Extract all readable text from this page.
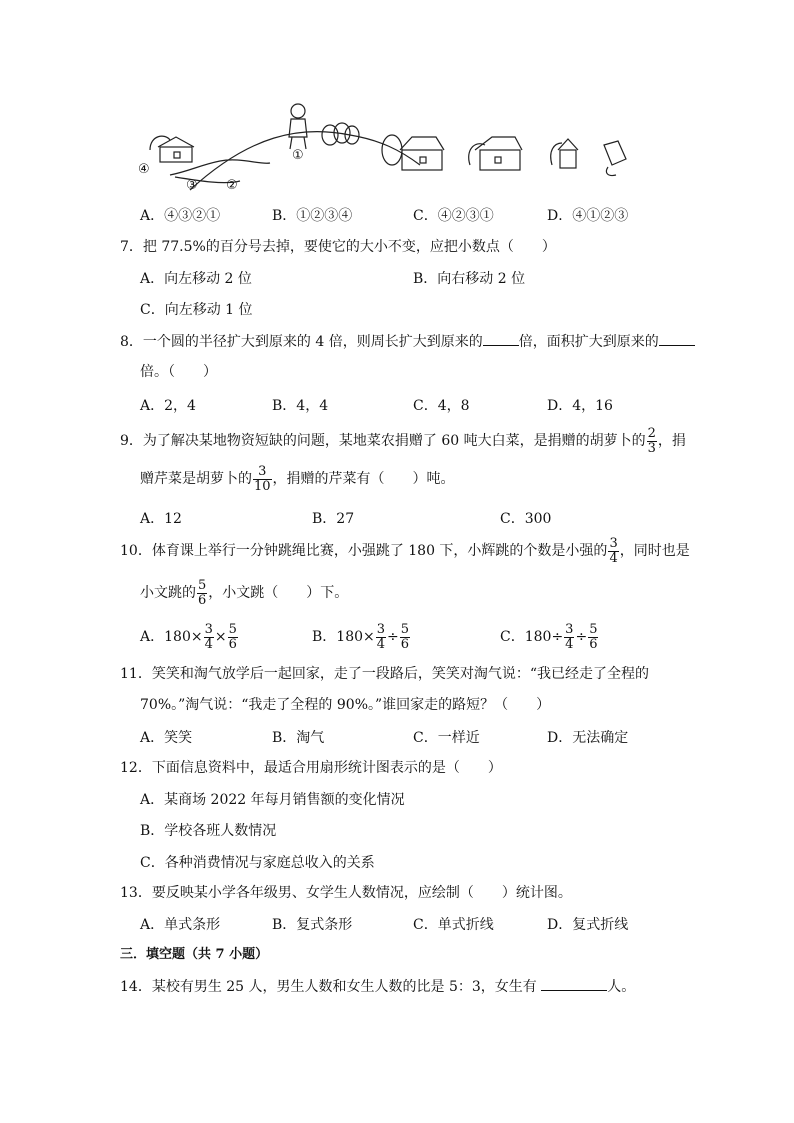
④
③ ②
①
A．④③②①	B．①②③④	C．④②③①	D．④①②③
7．把 77.5%的百分号去掉，要使它的大小不变，应把小数点（　　）
A．向左移动 2 位	B．向右移动 2 位
C．向左移动 1 位
8．一个圆的半径扩大到原来的 4 倍，则周长扩大到原来的	倍，面积扩大到原来的
倍。（　　）
A．2，4	B．4，4	C．4，8	D．4，16
9．为了解决某地物资短缺的问题，某地菜农捐赠了 60 吨大白菜，是捐赠的胡萝卜的 $\frac{2}{3}$ ，捐
赠芹菜是胡萝卜的 $\frac{3}{10}$ ，捐赠的芹菜有（　　）吨。
A．12	B．27	C．300
10．体育课上举行一分钟跳绳比赛，小强跳了 180 下，小辉跳的个数是小强的 $\frac{3}{4}$ ，同时也是
小文跳的 $\frac{5}{6}$ ，小文跳（　　）下。
A．$180\times \frac{3}{4} \times \frac{5}{6}$	B．$180\times \frac{3}{4} \div \frac{5}{6}$	C．$180\div \frac{3}{4} \div \frac{5}{6}$
11．笑笑和淘气放学后一起回家，走了一段路后，笑笑对淘气说：“我已经走了全程的
70%。”淘气说：“我走了全程的 90%。”谁回家走的路短？（　　）
A．笑笑	B．淘气	C．一样近	D．无法确定
12．下面信息资料中，最适合用扇形统计图表示的是（　　）
A．某商场 2022 年每月销售额的变化情况
B．学校各班人数情况
C．各种消费情况与家庭总收入的关系
13．要反映某小学各年级男、女学生人数情况，应绘制（　　）统计图。
A．单式条形	B．复式条形	C．单式折线	D．复式折线
三．填空题（共 7 小题）
14．某校有男生 25 人，男生人数和女生人数的比是 5：3，女生有	人。
